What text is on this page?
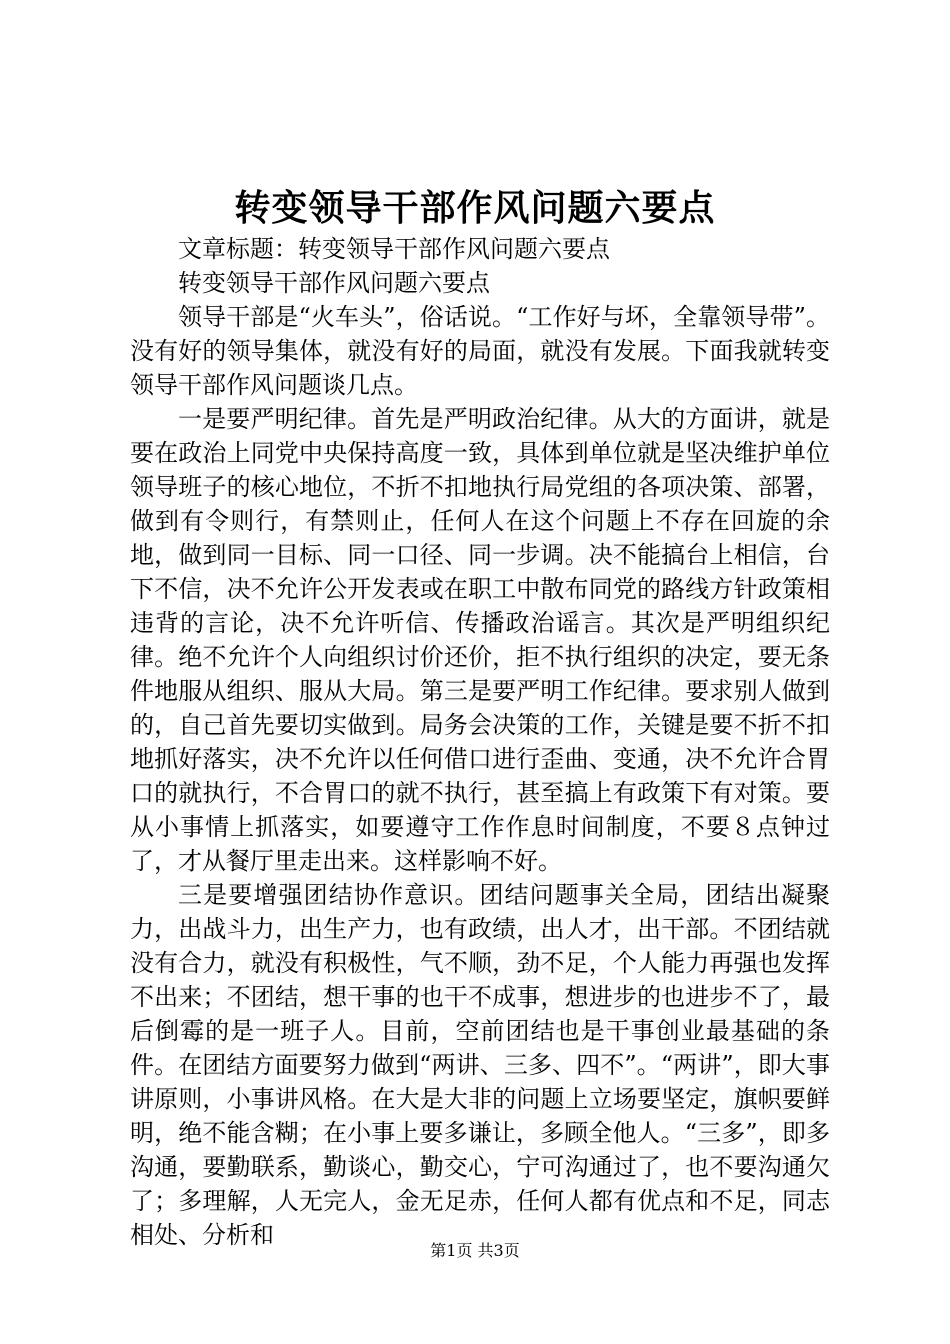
转变领导干部作风问题六要点

文章标题：转变领导干部作风问题六要点

转变领导干部作风问题六要点

领导干部是“火车头”，俗话说。“工作好与坏，全靠领导带”。没有好的领导集体，就没有好的局面，就没有发展。下面我就转变领导干部作风问题谈几点。

一是要严明纪律。首先是严明政治纪律。从大的方面讲，就是要在政治上同党中央保持高度一致，具体到单位就是坚决维护单位领导班子的核心地位，不折不扣地执行局党组的各项决策、部署，做到有令则行，有禁则止，任何人在这个问题上不存在回旋的余地，做到同一目标、同一口径、同一步调。决不能搞台上相信，台下不信，决不允许公开发表或在职工中散布同党的路线方针政策相违背的言论，决不允许听信、传播政治谣言。其次是严明组织纪律。绝不允许个人向组织讨价还价，拒不执行组织的决定，要无条件地服从组织、服从大局。第三是要严明工作纪律。要求别人做到的，自己首先要切实做到。局务会决策的工作，关键是要不折不扣地抓好落实，决不允许以任何借口进行歪曲、变通，决不允许合胃口的就执行，不合胃口的就不执行，甚至搞上有政策下有对策。要从小事情上抓落实，如要遵守工作作息时间制度，不要８点钟过了，才从餐厅里走出来。这样影响不好。

三是要增强团结协作意识。团结问题事关全局，团结出凝聚力，出战斗力，出生产力，也有政绩，出人才，出干部。不团结就没有合力，就没有积极性，气不顺，劲不足，个人能力再强也发挥不出来；不团结，想干事的也干不成事，想进步的也进步不了，最后倒霉的是一班子人。目前，空前团结也是干事创业最基础的条件。在团结方面要努力做到“两讲、三多、四不”。“两讲”，即大事讲原则，小事讲风格。在大是大非的问题上立场要坚定，旗帜要鲜明，绝不能含糊；在小事上要多谦让，多顾全他人。“三多”，即多沟通，要勤联系，勤谈心，勤交心，宁可沟通过了，也不要沟通欠了；多理解，人无完人，金无足赤，任何人都有优点和不足，同志相处、分析和

第1页 共3页
